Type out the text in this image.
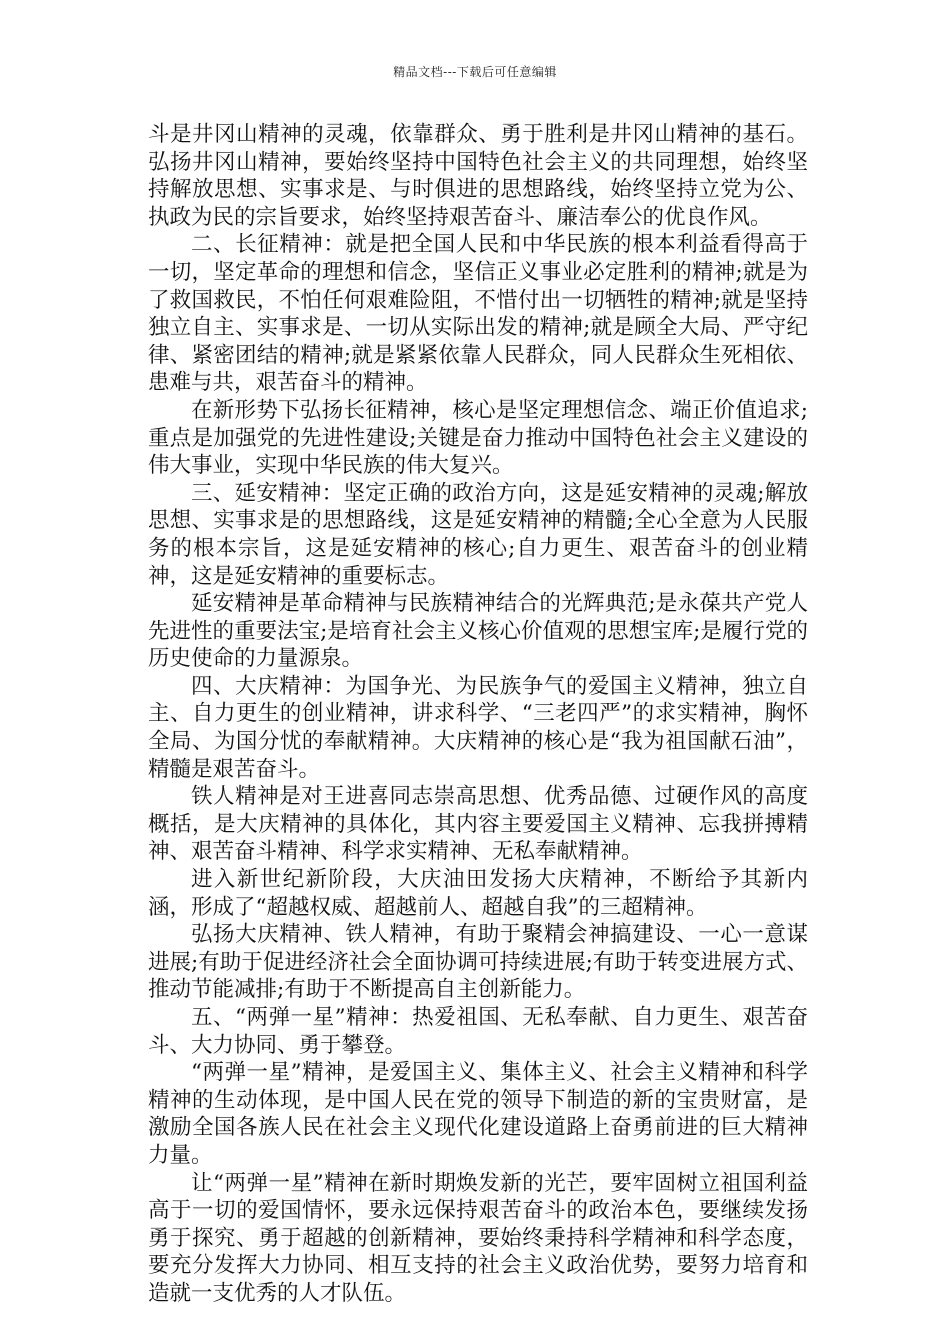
精品文档---下载后可任意编辑

斗是井冈山精神的灵魂，依靠群众、勇于胜利是井冈山精神的基石。弘扬井冈山精神，要始终坚持中国特色社会主义的共同理想，始终坚持解放思想、实事求是、与时俱进的思想路线，始终坚持立党为公、执政为民的宗旨要求，始终坚持艰苦奋斗、廉洁奉公的优良作风。

二、长征精神：就是把全国人民和中华民族的根本利益看得高于一切，坚定革命的理想和信念，坚信正义事业必定胜利的精神;就是为了救国救民，不怕任何艰难险阻，不惜付出一切牺牲的精神;就是坚持独立自主、实事求是、一切从实际出发的精神;就是顾全大局、严守纪律、紧密团结的精神;就是紧紧依靠人民群众，同人民群众生死相依、患难与共，艰苦奋斗的精神。

在新形势下弘扬长征精神，核心是坚定理想信念、端正价值追求;重点是加强党的先进性建设;关键是奋力推动中国特色社会主义建设的伟大事业，实现中华民族的伟大复兴。

三、延安精神：坚定正确的政治方向，这是延安精神的灵魂;解放思想、实事求是的思想路线，这是延安精神的精髓;全心全意为人民服务的根本宗旨，这是延安精神的核心;自力更生、艰苦奋斗的创业精神，这是延安精神的重要标志。

延安精神是革命精神与民族精神结合的光辉典范;是永葆共产党人先进性的重要法宝;是培育社会主义核心价值观的思想宝库;是履行党的历史使命的力量源泉。

四、大庆精神：为国争光、为民族争气的爱国主义精神，独立自主、自力更生的创业精神，讲求科学、“三老四严”的求实精神，胸怀全局、为国分忧的奉献精神。大庆精神的核心是“我为祖国献石油”，精髓是艰苦奋斗。

铁人精神是对王进喜同志崇高思想、优秀品德、过硬作风的高度概括，是大庆精神的具体化，其内容主要爱国主义精神、忘我拼搏精神、艰苦奋斗精神、科学求实精神、无私奉献精神。

进入新世纪新阶段，大庆油田发扬大庆精神，不断给予其新内涵，形成了“超越权威、超越前人、超越自我”的三超精神。

弘扬大庆精神、铁人精神，有助于聚精会神搞建设、一心一意谋进展;有助于促进经济社会全面协调可持续进展;有助于转变进展方式、推动节能减排;有助于不断提高自主创新能力。

五、“两弹一星”精神：热爱祖国、无私奉献、自力更生、艰苦奋斗、大力协同、勇于攀登。

“两弹一星”精神，是爱国主义、集体主义、社会主义精神和科学精神的生动体现，是中国人民在党的领导下制造的新的宝贵财富，是激励全国各族人民在社会主义现代化建设道路上奋勇前进的巨大精神力量。

让“两弹一星”精神在新时期焕发新的光芒，要牢固树立祖国利益高于一切的爱国情怀，要永远保持艰苦奋斗的政治本色，要继续发扬勇于探究、勇于超越的创新精神，要始终秉持科学精神和科学态度，要充分发挥大力协同、相互支持的社会主义政治优势，要努力培育和造就一支优秀的人才队伍。
